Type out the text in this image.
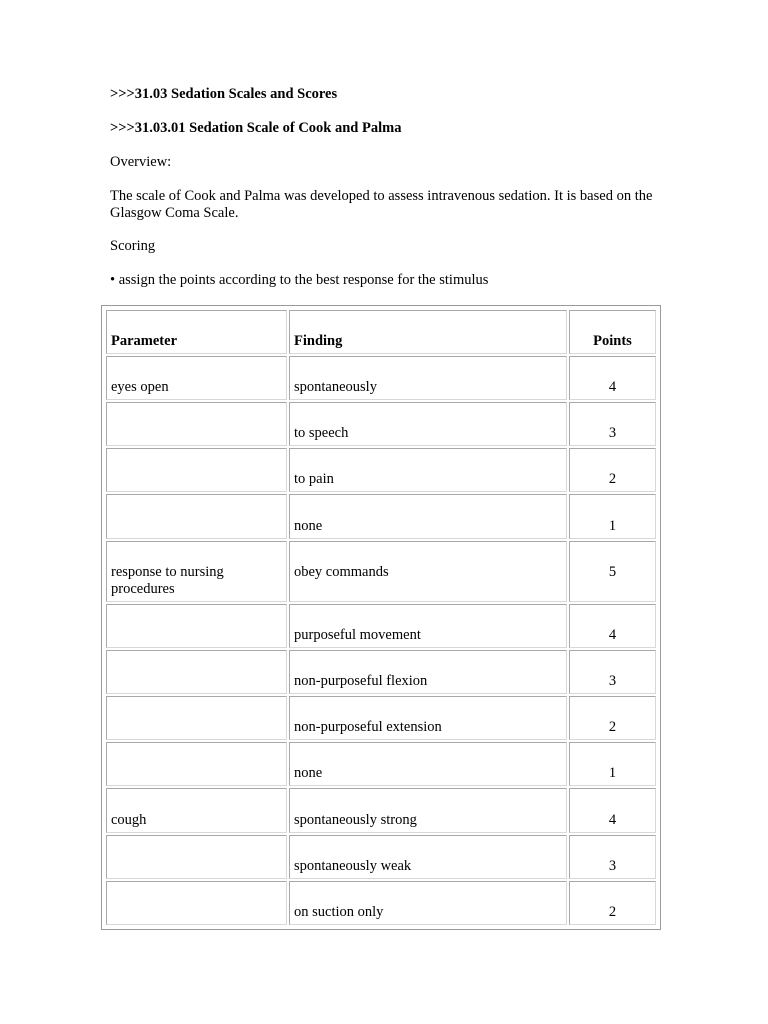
>>>31.03 Sedation Scales and Scores

>>>31.03.01 Sedation Scale of Cook and Palma

Overview:

The scale of Cook and Palma was developed to assess intravenous sedation. It is based on the Glasgow Coma Scale.

Scoring

• assign the points according to the best response for the stimulus

Parameter	Finding	Points
eyes open	spontaneously	4
	to speech	3
	to pain	2
	none	1
response to nursing procedures	obey commands	5
	purposeful movement	4
	non-purposeful flexion	3
	non-purposeful extension	2
	none	1
cough	spontaneously strong	4
	spontaneously weak	3
	on suction only	2
